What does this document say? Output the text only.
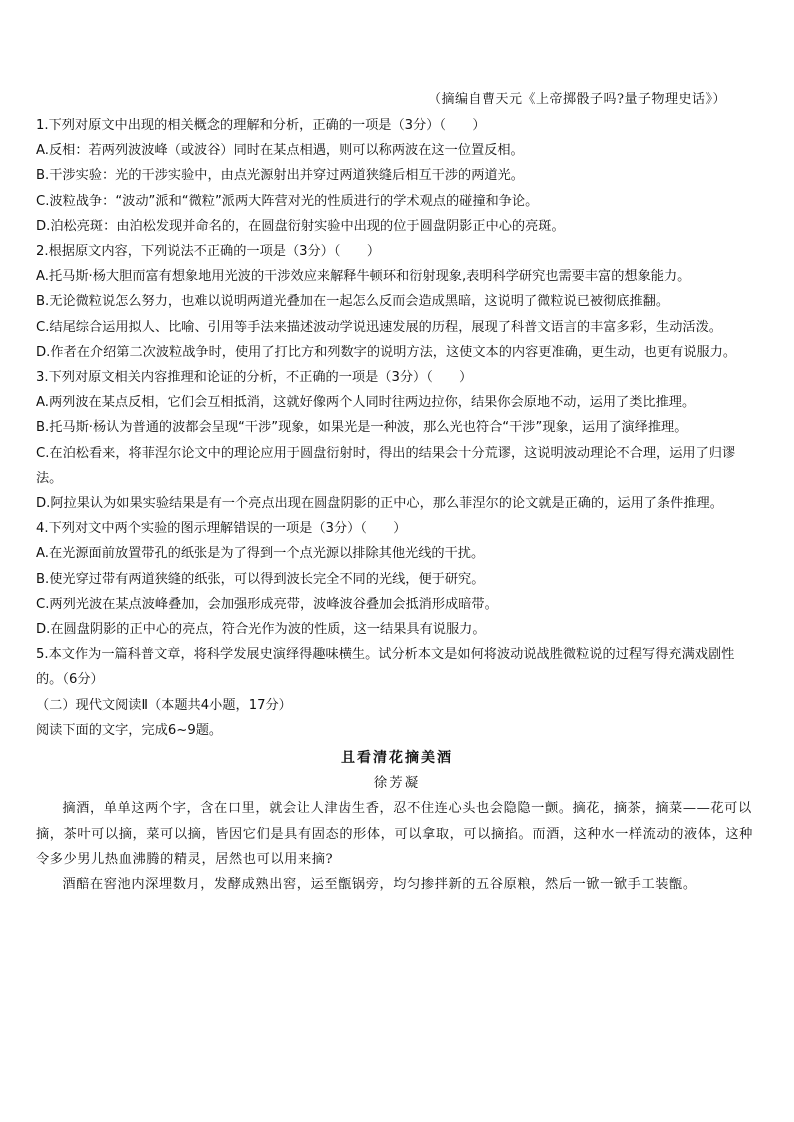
（摘编自曹天元《上帝掷骰子吗?量子物理史话》）
1.下列对原文中出现的相关概念的理解和分析，正确的一项是（3分）（　　）
A.反相：若两列波波峰（或波谷）同时在某点相遇，则可以称两波在这一位置反相。
B.干涉实验：光的干涉实验中，由点光源射出并穿过两道狭缝后相互干涉的两道光。
C.波粒战争：“波动”派和“微粒”派两大阵营对光的性质进行的学术观点的碰撞和争论。
D.泊松亮斑：由泊松发现并命名的，在圆盘衍射实验中出现的位于圆盘阴影正中心的亮斑。
2.根据原文内容，下列说法不正确的一项是（3分）（　　）
A.托马斯·杨大胆而富有想象地用光波的干涉效应来解释牛顿环和衍射现象,表明科学研究也需要丰富的想象能力。
B.无论微粒说怎么努力，也难以说明两道光叠加在一起怎么反而会造成黑暗，这说明了微粒说已被彻底推翻。
C.结尾综合运用拟人、比喻、引用等手法来描述波动学说迅速发展的历程，展现了科普文语言的丰富多彩，生动活泼。
D.作者在介绍第二次波粒战争时，使用了打比方和列数字的说明方法，这使文本的内容更准确，更生动，也更有说服力。
3.下列对原文相关内容推理和论证的分析，不正确的一项是（3分）（　　）
A.两列波在某点反相，它们会互相抵消，这就好像两个人同时往两边拉你，结果你会原地不动，运用了类比推理。
B.托马斯·杨认为普通的波都会呈现“干涉”现象，如果光是一种波，那么光也符合“干涉”现象，运用了演绎推理。
C.在泊松看来，将菲涅尔论文中的理论应用于圆盘衍射时，得出的结果会十分荒谬，这说明波动理论不合理，运用了归谬法。
D.阿拉果认为如果实验结果是有一个亮点出现在圆盘阴影的正中心，那么菲涅尔的论文就是正确的，运用了条件推理。
4.下列对文中两个实验的图示理解错误的一项是（3分）（　　）
A.在光源面前放置带孔的纸张是为了得到一个点光源以排除其他光线的干扰。
B.使光穿过带有两道狭缝的纸张，可以得到波长完全不同的光线，便于研究。
C.两列光波在某点波峰叠加，会加强形成亮带，波峰波谷叠加会抵消形成暗带。
D.在圆盘阴影的正中心的亮点，符合光作为波的性质，这一结果具有说服力。
5.本文作为一篇科普文章，将科学发展史演绎得趣味横生。试分析本文是如何将波动说战胜微粒说的过程写得充满戏剧性的。（6分）
（二）现代文阅读Ⅱ（本题共4小题，17分）
阅读下面的文字，完成6~9题。
且看清花摘美酒
徐芳凝
摘酒，单单这两个字，含在口里，就会让人津齿生香，忍不住连心头也会隐隐一颤。摘花，摘茶，摘菜——花可以摘，茶叶可以摘，菜可以摘，皆因它们是具有固态的形体，可以拿取，可以摘掐。而酒，这种水一样流动的液体，这种令多少男儿热血沸腾的精灵，居然也可以用来摘?
酒醅在窖池内深埋数月，发酵成熟出窖，运至甑锅旁，均匀掺拌新的五谷原粮，然后一锨一锨手工装甑。
